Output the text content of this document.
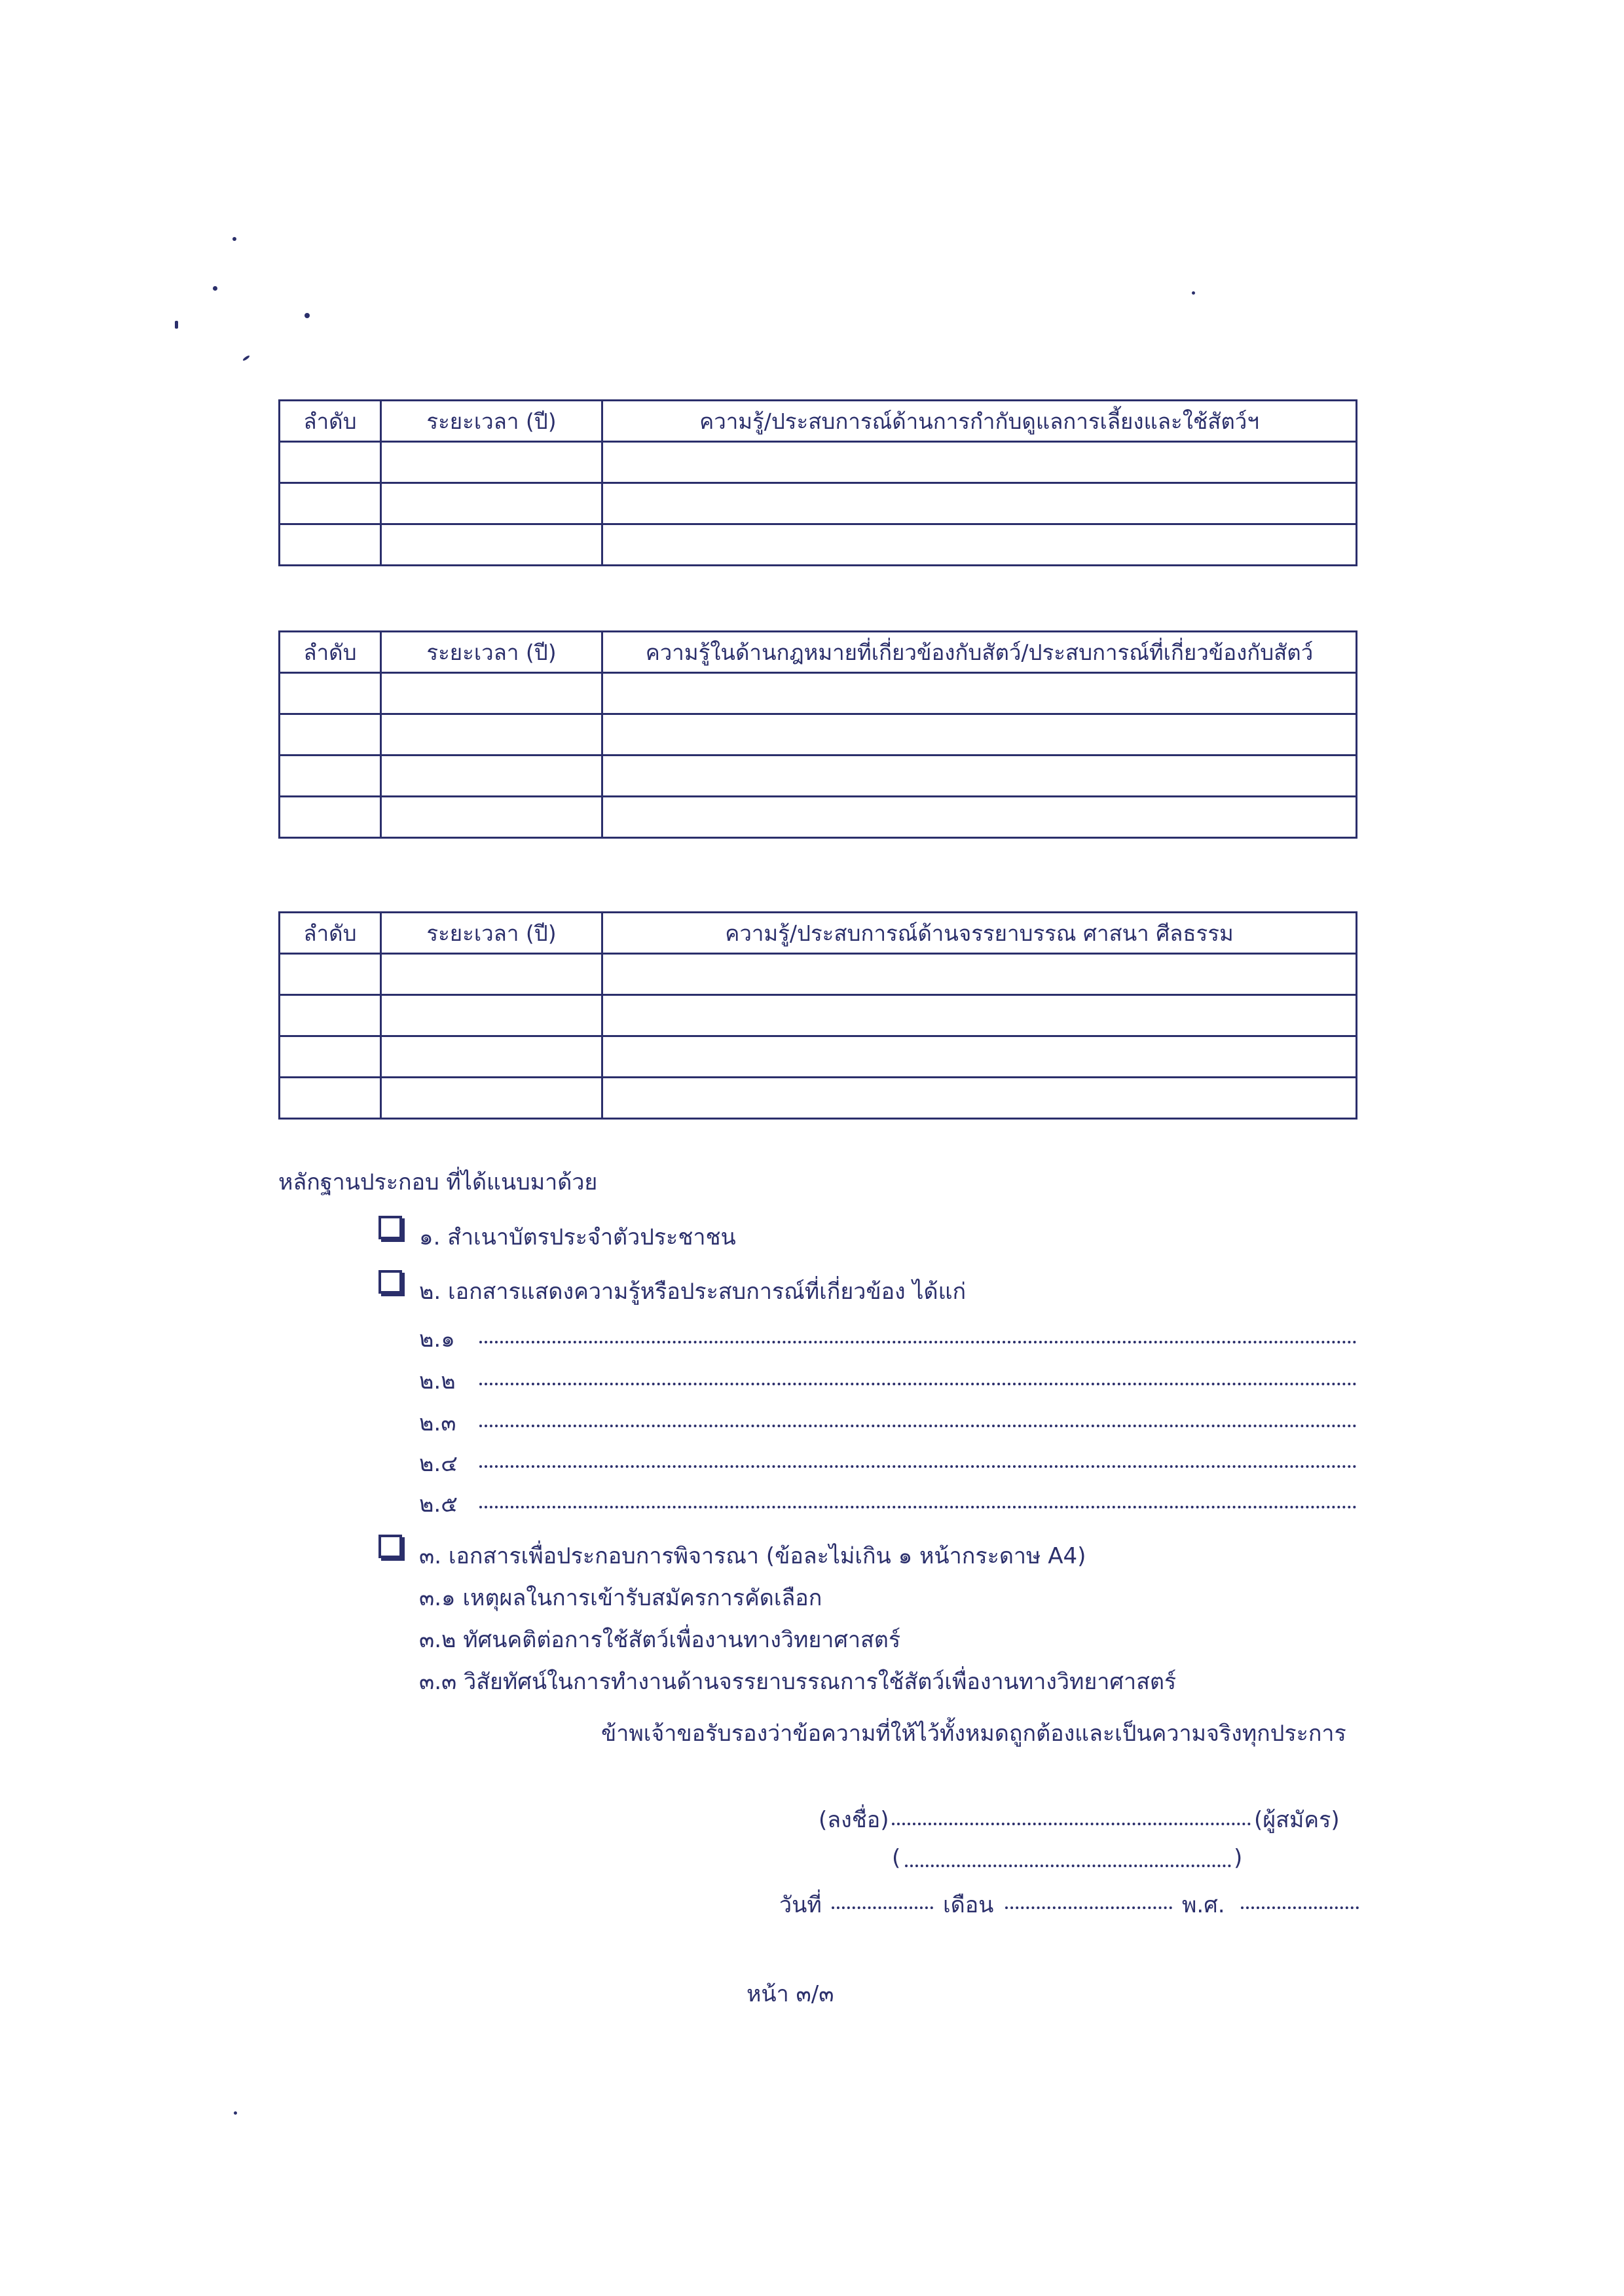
ลำดับ	ระยะเวลา (ปี)	ความรู้/ประสบการณ์ด้านการกำกับดูแลการเลี้ยงและใช้สัตว์ฯ

ลำดับ	ระยะเวลา (ปี)	ความรู้ในด้านกฎหมายที่เกี่ยวข้องกับสัตว์/ประสบการณ์ที่เกี่ยวข้องกับสัตว์

ลำดับ	ระยะเวลา (ปี)	ความรู้/ประสบการณ์ด้านจรรยาบรรณ ศาสนา ศีลธรรม

หลักฐานประกอบ ที่ได้แนบมาด้วย
๑. สำเนาบัตรประจำตัวประชาชน
๒. เอกสารแสดงความรู้หรือประสบการณ์ที่เกี่ยวข้อง ได้แก่
๒.๑
๒.๒
๒.๓
๒.๔
๒.๕
๓. เอกสารเพื่อประกอบการพิจารณา (ข้อละไม่เกิน ๑ หน้ากระดาษ A4)
๓.๑ เหตุผลในการเข้ารับสมัครการคัดเลือก
๓.๒ ทัศนคติต่อการใช้สัตว์เพื่องานทางวิทยาศาสตร์
๓.๓ วิสัยทัศน์ในการทำงานด้านจรรยาบรรณการใช้สัตว์เพื่องานทางวิทยาศาสตร์
ข้าพเจ้าขอรับรองว่าข้อความที่ให้ไว้ทั้งหมดถูกต้องและเป็นความจริงทุกประการ
(ลงชื่อ)	(ผู้สมัคร)
(	)
วันที่	เดือน	พ.ศ.
หน้า ๓/๓
